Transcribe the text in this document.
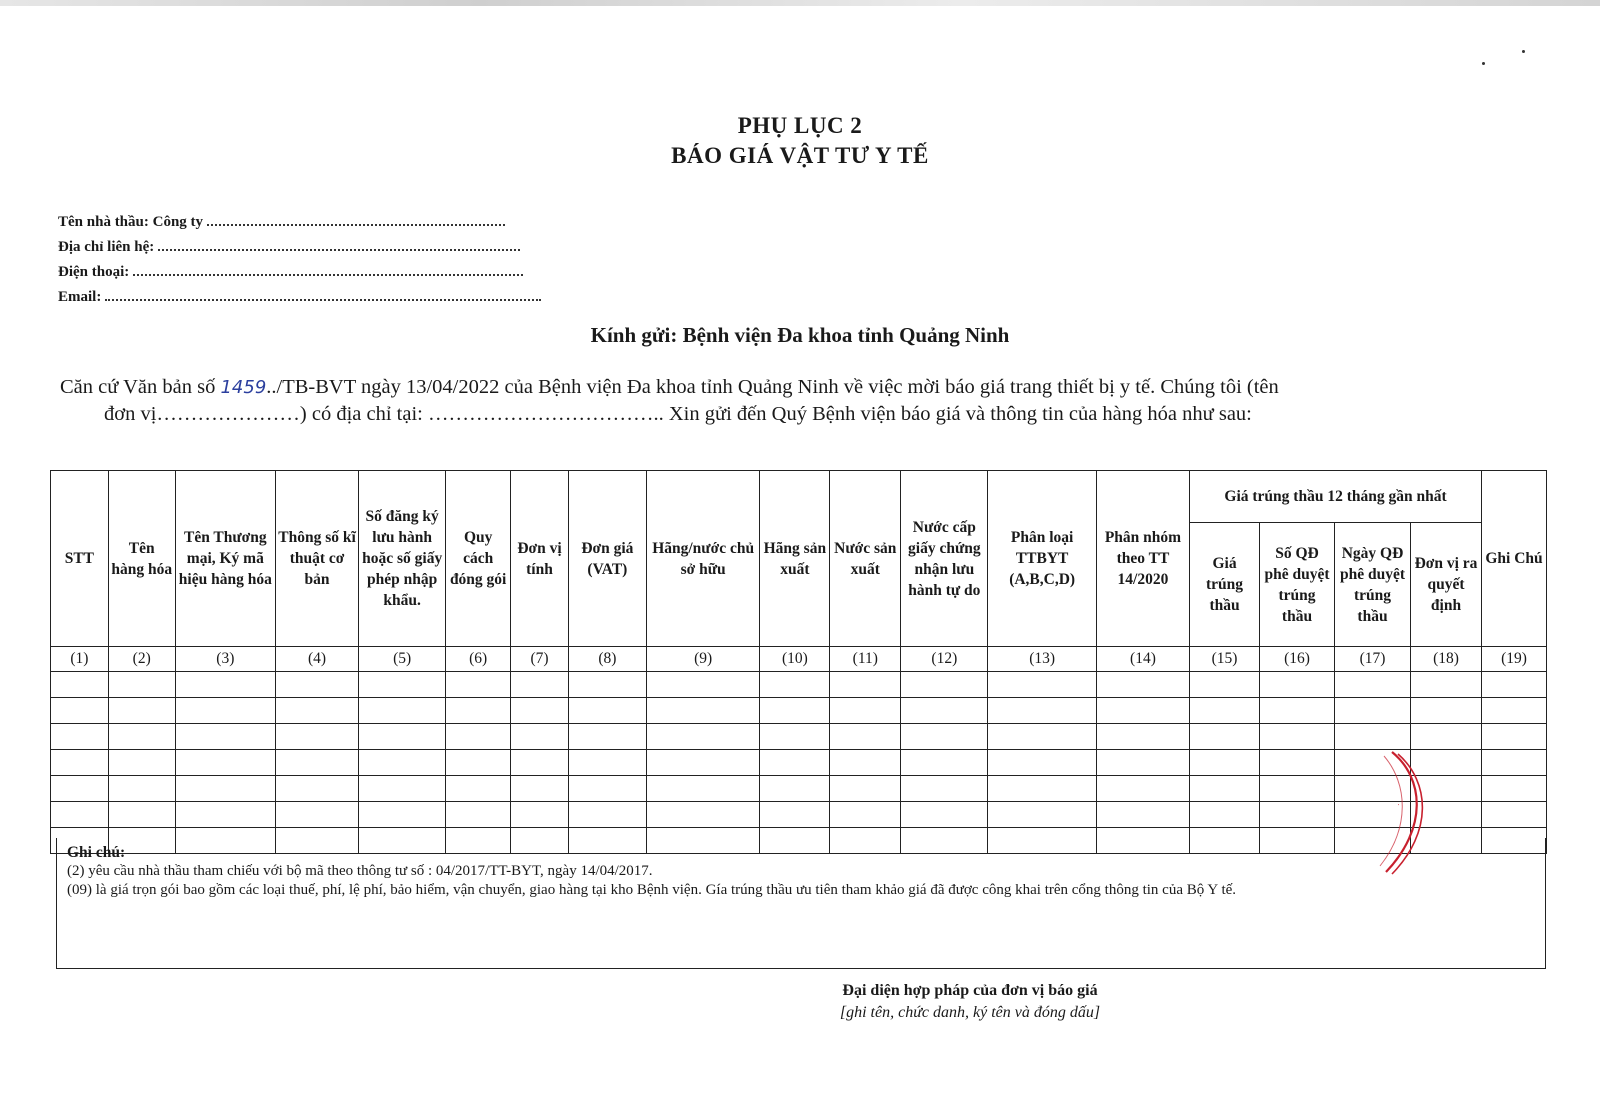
PHỤ LỤC 2
BÁO GIÁ VẬT TƯ Y TẾ
Tên nhà thầu: Công ty
Địa chỉ liên hệ:
Điện thoại:
Email:
Kính gửi: Bệnh viện Đa khoa tỉnh Quảng Ninh
Căn cứ Văn bản số 1459../TB-BVT ngày 13/04/2022 của Bệnh viện Đa khoa tỉnh Quảng Ninh về việc mời báo giá trang thiết bị y tế. Chúng tôi (tên
đơn vị…………………) có địa chỉ tại: …………………………….. Xin gửi đến Quý Bệnh viện báo giá và thông tin của hàng hóa như sau:
STT	Tên hàng hóa	Tên Thương mại, Ký mã hiệu hàng hóa	Thông số kĩ thuật cơ bản	Số đăng ký lưu hành hoặc số giấy phép nhập khẩu.	Quy cách đóng gói	Đơn vị tính	Đơn giá (VAT)	Hãng/nước chủ sở hữu	Hãng sản xuất	Nước sản xuất	Nước cấp giấy chứng nhận lưu hành tự do	Phân loại TTBYT (A,B,C,D)	Phân nhóm theo TT 14/2020	Giá trúng thầu 12 tháng gần nhất				Ghi Chú
														Giá trúng thầu	Số QĐ phê duyệt trúng thầu	Ngày QĐ phê duyệt trúng thầu	Đơn vị ra quyết định	
(1)	(2)	(3)	(4)	(5)	(6)	(7)	(8)	(9)	(10)	(11)	(12)	(13)	(14)	(15)	(16)	(17)	(18)	(19)

Ghi chú:
(2) yêu cầu nhà thầu tham chiếu với bộ mã theo thông tư số : 04/2017/TT-BYT, ngày 14/04/2017.
(09) là giá trọn gói bao gồm các loại thuế, phí, lệ phí, bảo hiểm, vận chuyển, giao hàng tại kho Bệnh viện. Gía trúng thầu ưu tiên tham khảo giá đã được công khai trên cổng thông tin của Bộ Y tế.
Đại diện hợp pháp của đơn vị báo giá
[ghi tên, chức danh, ký tên và đóng dấu]
·
